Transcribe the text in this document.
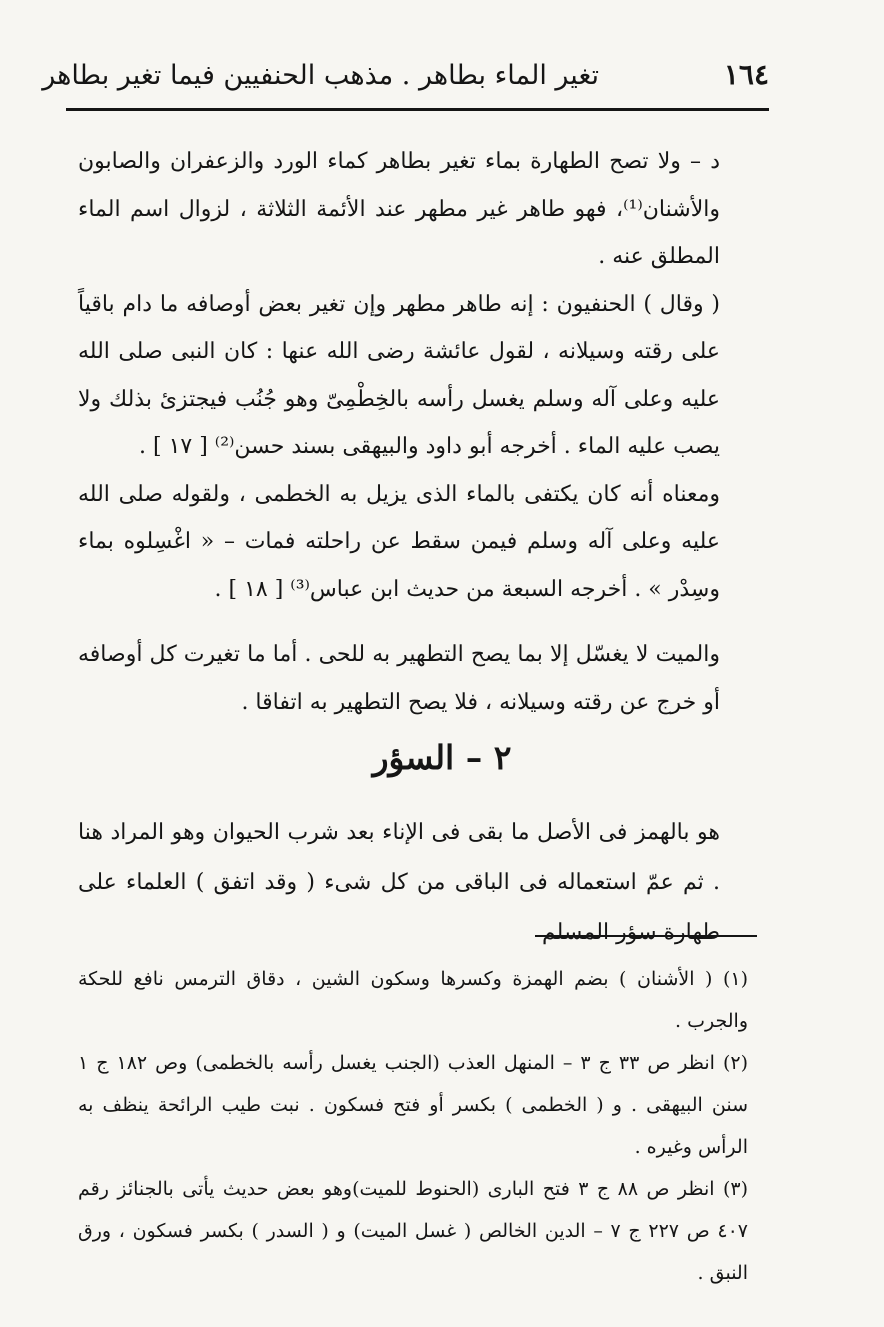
١٦٤
تغير الماء بطاهر . مذهب الحنفيين فيما تغير بطاهر

د – ولا تصح الطهارة بماء تغير بطاهر كماء الورد والزعفران والصابون والأشنان⁽¹⁾، فهو طاهر غير مطهر عند الأئمة الثلاثة ، لزوال اسم الماء المطلق عنه .

( وقال ) الحنفيون : إنه طاهر مطهر وإن تغير بعض أوصافه ما دام باقياً على رقته وسيلانه ، لقول عائشة رضى الله عنها : كان النبى صلى الله عليه وعلى آله وسلم يغسل رأسه بالخِطْمِىّ وهو جُنُب فيجتزئ بذلك ولا يصب عليه الماء . أخرجه أبو داود والبيهقى بسند حسن⁽²⁾ [ ١٧ ] .

ومعناه أنه كان يكتفى بالماء الذى يزيل به الخطمى ، ولقوله صلى الله عليه وعلى آله وسلم فيمن سقط عن راحلته فمات – « اغْسِلوه بماء وسِدْر » . أخرجه السبعة من حديث ابن عباس⁽³⁾ [ ١٨ ] .

والميت لا يغسّل إلا بما يصح التطهير به للحى . أما ما تغيرت كل أوصافه أو خرج عن رقته وسيلانه ، فلا يصح التطهير به اتفاقا .

٢ – السؤر

هو بالهمز فى الأصل ما بقى فى الإناء بعد شرب الحيوان وهو المراد هنا . ثم عمّ استعماله فى الباقى من كل شىء ( وقد اتفق ) العلماء على طهارة سؤر المسلم

(١) ( الأشنان ) بضم الهمزة وكسرها وسكون الشين ، دقاق الترمس نافع للحكة والجرب .

(٢) انظر ص ٣٣ ج ٣ – المنهل العذب (الجنب يغسل رأسه بالخطمى) وص ١٨٢ ج ١ سنن البيهقى . و ( الخطمى ) بكسر أو فتح فسكون . نبت طيب الرائحة ينظف به الرأس وغيره .

(٣) انظر ص ٨٨ ج ٣ فتح البارى (الحنوط للميت)وهو بعض حديث يأتى بالجنائز رقم ٤٠٧ ص ٢٢٧ ج ٧ – الدين الخالص ( غسل الميت) و ( السدر ) بكسر فسكون ، ورق النبق .
